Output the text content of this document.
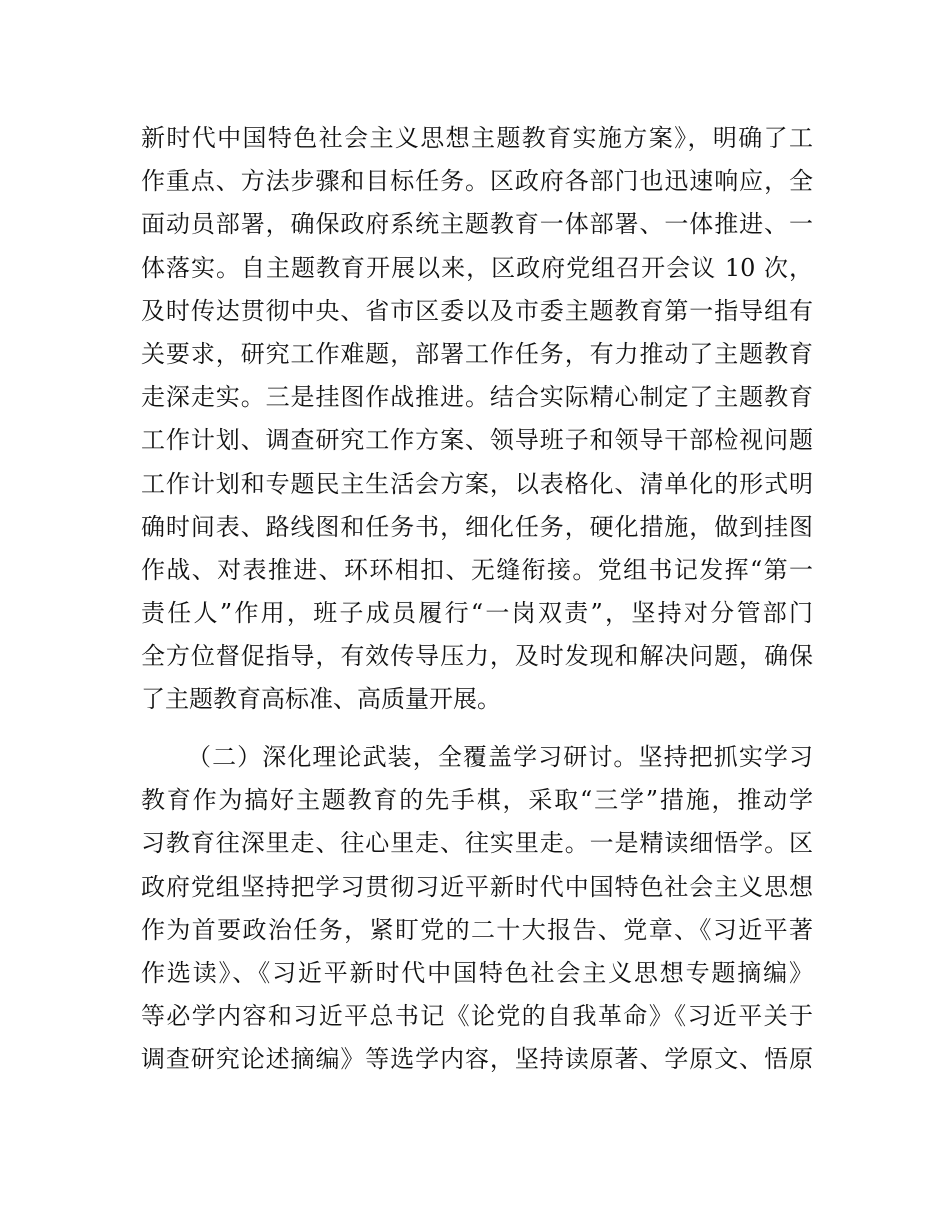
新时代中国特色社会主义思想主题教育实施方案》，明确了工
作重点、方法步骤和目标任务。区政府各部门也迅速响应，全
面动员部署，确保政府系统主题教育一体部署、一体推进、一
体落实。自主题教育开展以来，区政府党组召开会议 10 次，
及时传达贯彻中央、省市区委以及市委主题教育第一指导组有
关要求，研究工作难题，部署工作任务，有力推动了主题教育
走深走实。三是挂图作战推进。结合实际精心制定了主题教育
工作计划、调查研究工作方案、领导班子和领导干部检视问题
工作计划和专题民主生活会方案，以表格化、清单化的形式明
确时间表、路线图和任务书，细化任务，硬化措施，做到挂图
作战、对表推进、环环相扣、无缝衔接。党组书记发挥“第一
责任人”作用，班子成员履行“一岗双责”，坚持对分管部门
全方位督促指导，有效传导压力，及时发现和解决问题，确保
了主题教育高标准、高质量开展。
（二）深化理论武装，全覆盖学习研讨。坚持把抓实学习
教育作为搞好主题教育的先手棋，采取“三学”措施，推动学
习教育往深里走、往心里走、往实里走。一是精读细悟学。区
政府党组坚持把学习贯彻习近平新时代中国特色社会主义思想
作为首要政治任务，紧盯党的二十大报告、党章、《习近平著
作选读》、《习近平新时代中国特色社会主义思想专题摘编》
等必学内容和习近平总书记《论党的自我革命》《习近平关于
调查研究论述摘编》等选学内容，坚持读原著、学原文、悟原
